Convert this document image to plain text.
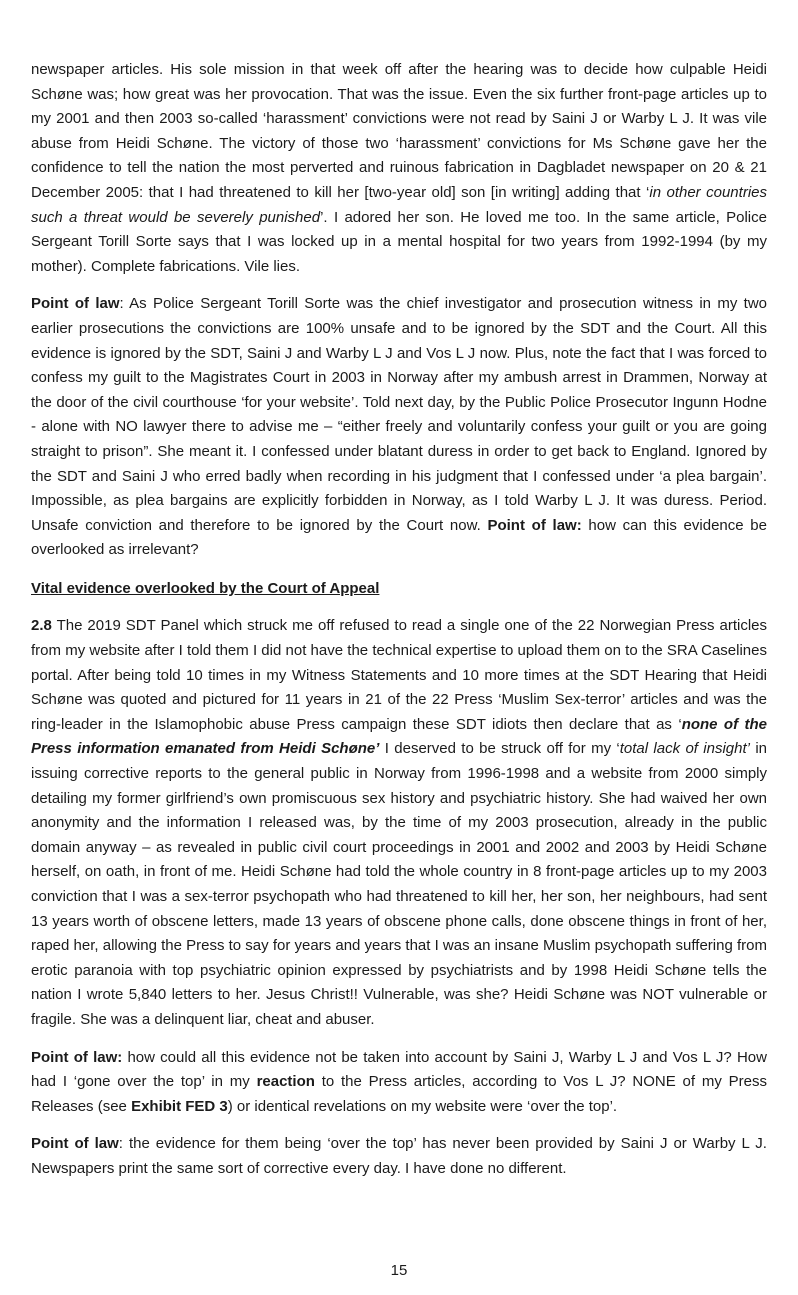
newspaper articles. His sole mission in that week off after the hearing was to decide how culpable Heidi Schøne was; how great was her provocation. That was the issue. Even the six further front-page articles up to my 2001 and then 2003 so-called ‘harassment’ convictions were not read by Saini J or Warby L J. It was vile abuse from Heidi Schøne. The victory of those two ‘harassment’ convictions for Ms Schøne gave her the confidence to tell the nation the most perverted and ruinous fabrication in Dagbladet newspaper on 20 & 21 December 2005: that I had threatened to kill her [two-year old] son [in writing] adding that ‘in other countries such a threat would be severely punished’. I adored her son. He loved me too. In the same article, Police Sergeant Torill Sorte says that I was locked up in a mental hospital for two years from 1992-1994 (by my mother). Complete fabrications. Vile lies.

Point of law: As Police Sergeant Torill Sorte was the chief investigator and prosecution witness in my two earlier prosecutions the convictions are 100% unsafe and to be ignored by the SDT and the Court. All this evidence is ignored by the SDT, Saini J and Warby L J and Vos L J now. Plus, note the fact that I was forced to confess my guilt to the Magistrates Court in 2003 in Norway after my ambush arrest in Drammen, Norway at the door of the civil courthouse ‘for your website’. Told next day, by the Public Police Prosecutor Ingunn Hodne - alone with NO lawyer there to advise me – “either freely and voluntarily confess your guilt or you are going straight to prison”. She meant it. I confessed under blatant duress in order to get back to England. Ignored by the SDT and Saini J who erred badly when recording in his judgment that I confessed under ‘a plea bargain’. Impossible, as plea bargains are explicitly forbidden in Norway, as I told Warby L J. It was duress. Period. Unsafe conviction and therefore to be ignored by the Court now. Point of law: how can this evidence be overlooked as irrelevant?

Vital evidence overlooked by the Court of Appeal

2.8 The 2019 SDT Panel which struck me off refused to read a single one of the 22 Norwegian Press articles from my website after I told them I did not have the technical expertise to upload them on to the SRA Caselines portal. After being told 10 times in my Witness Statements and 10 more times at the SDT Hearing that Heidi Schøne was quoted and pictured for 11 years in 21 of the 22 Press ‘Muslim Sex-terror’ articles and was the ring-leader in the Islamophobic abuse Press campaign these SDT idiots then declare that as ‘none of the Press information emanated from Heidi Schøne’ I deserved to be struck off for my ‘total lack of insight’ in issuing corrective reports to the general public in Norway from 1996-1998 and a website from 2000 simply detailing my former girlfriend’s own promiscuous sex history and psychiatric history. She had waived her own anonymity and the information I released was, by the time of my 2003 prosecution, already in the public domain anyway – as revealed in public civil court proceedings in 2001 and 2002 and 2003 by Heidi Schøne herself, on oath, in front of me. Heidi Schøne had told the whole country in 8 front-page articles up to my 2003 conviction that I was a sex-terror psychopath who had threatened to kill her, her son, her neighbours, had sent 13 years worth of obscene letters, made 13 years of obscene phone calls, done obscene things in front of her, raped her, allowing the Press to say for years and years that I was an insane Muslim psychopath suffering from erotic paranoia with top psychiatric opinion expressed by psychiatrists and by 1998 Heidi Schøne tells the nation I wrote 5,840 letters to her. Jesus Christ!! Vulnerable, was she? Heidi Schøne was NOT vulnerable or fragile. She was a delinquent liar, cheat and abuser.

Point of law: how could all this evidence not be taken into account by Saini J, Warby L J and Vos L J? How had I ‘gone over the top’ in my reaction to the Press articles, according to Vos L J? NONE of my Press Releases (see Exhibit FED 3) or identical revelations on my website were ‘over the top’.

Point of law: the evidence for them being ‘over the top’ has never been provided by Saini J or Warby L J. Newspapers print the same sort of corrective every day. I have done no different.

15
